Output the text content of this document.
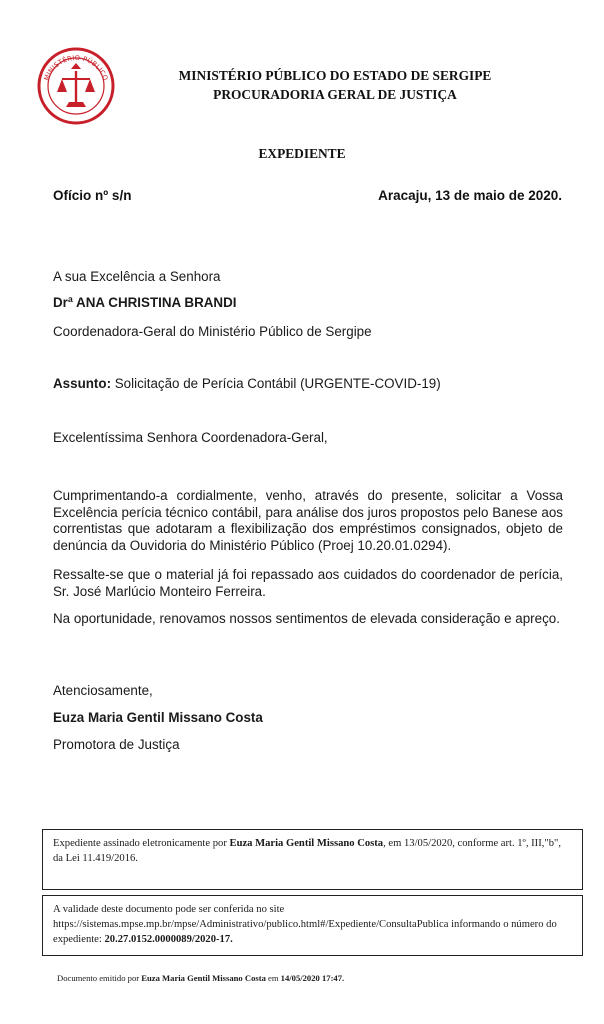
MINISTÉRIO PÚBLICO	MINISTÉRIO PÚBLICO DO ESTADO DE SERGIPE
PROCURADORIA GERAL DE JUSTIÇA
EXPEDIENTE
Ofício nº s/n	Aracaju, 13 de maio de 2020.
A sua Excelência a Senhora
Drª ANA CHRISTINA BRANDI
Coordenadora-Geral do Ministério Público de Sergipe
Assunto: Solicitação de Perícia Contábil (URGENTE-COVID-19)
Excelentíssima Senhora Coordenadora-Geral,
Cumprimentando-a cordialmente, venho, através do presente, solicitar a Vossa Excelência perícia técnico contábil, para análise dos juros propostos pelo Banese aos correntistas que adotaram a flexibilização dos empréstimos consignados, objeto de denúncia da Ouvidoria do Ministério Público (Proej 10.20.01.0294).
Ressalte-se que o material já foi repassado aos cuidados do coordenador de perícia, Sr. José Marlúcio Monteiro Ferreira.
Na oportunidade, renovamos nossos sentimentos de elevada consideração e apreço.
Atenciosamente,
Euza Maria Gentil Missano Costa
Promotora de Justiça
Expediente assinado eletronicamente por Euza Maria Gentil Missano Costa, em 13/05/2020, conforme art. 1º, III,"b", da Lei 11.419/2016.
A validade deste documento pode ser conferida no site
https://sistemas.mpse.mp.br/mpse/Administrativo/publico.html#/Expediente/ConsultaPublica informando o número do expediente: 20.27.0152.0000089/2020-17.
Documento emitido por Euza Maria Gentil Missano Costa em 14/05/2020 17:47.
